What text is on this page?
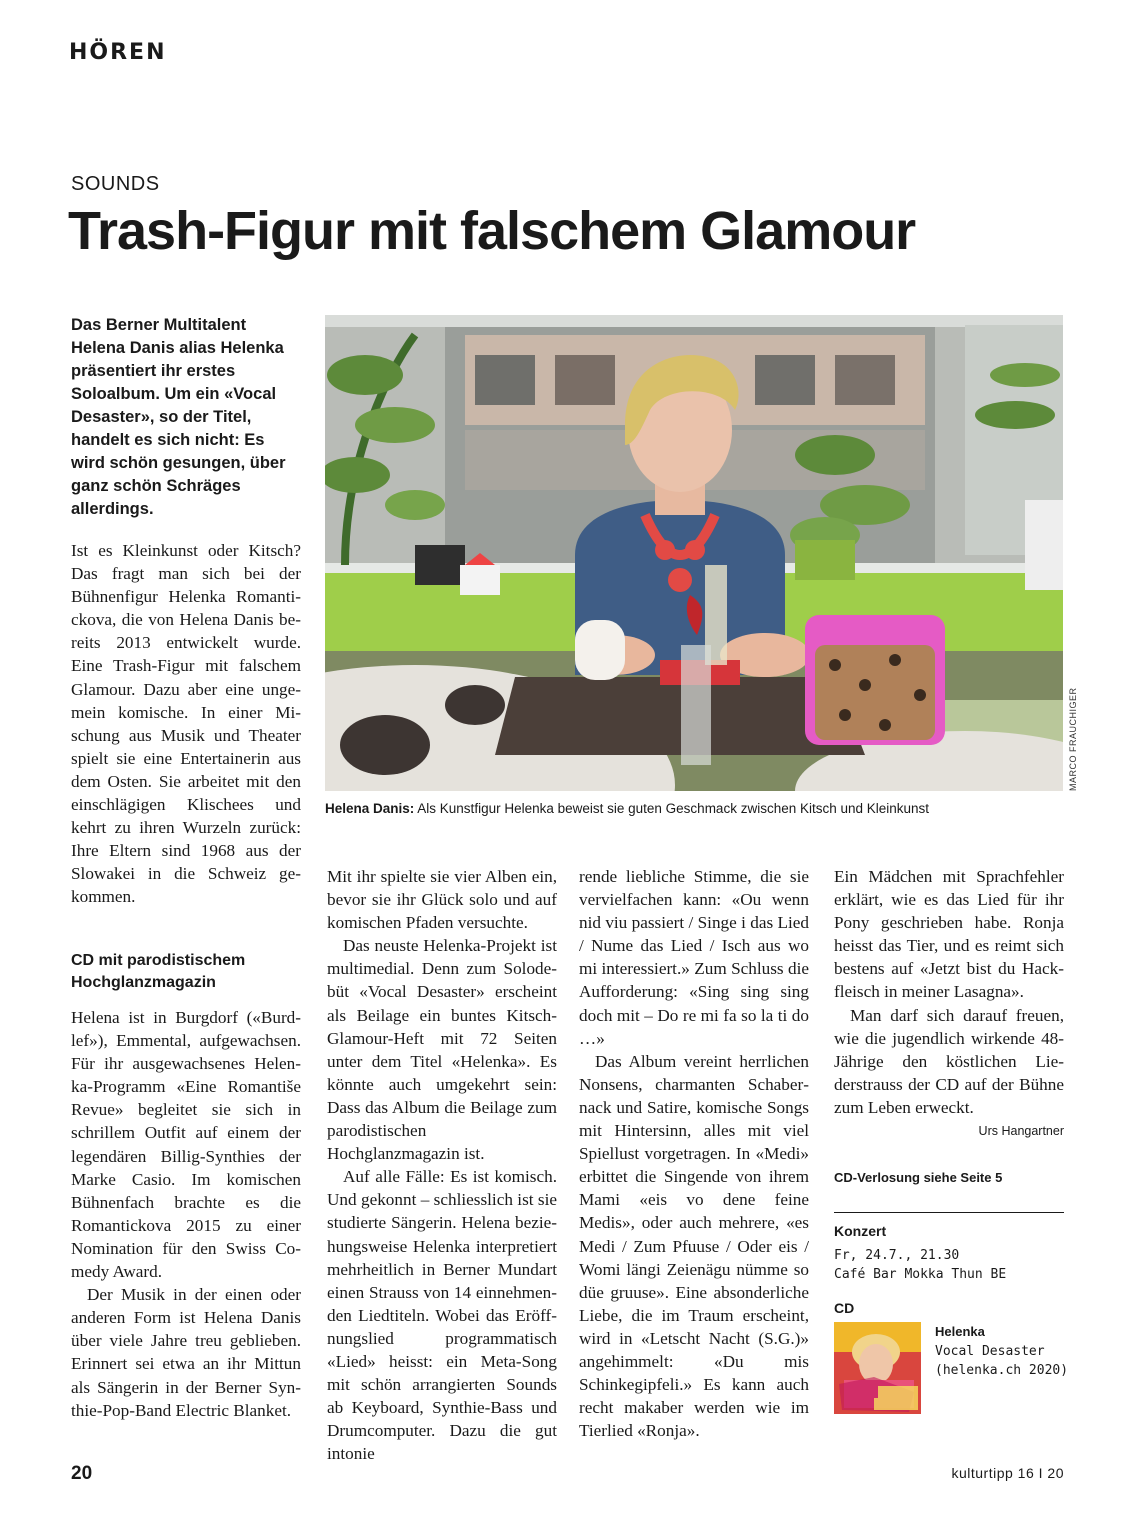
HÖREN
SOUNDS
Trash-Figur mit falschem Glamour
Das Berner Multitalent Helena Danis alias Helenka präsentiert ihr erstes Soloalbum. Um ein «Vocal Desaster», so der Titel, handelt es sich nicht: Es wird schön gesungen, über ganz schön Schräges allerdings.

Ist es Kleinkunst oder Kitsch? Das fragt man sich bei der Bühnenfigur Helenka Romantickova, die von Helena Danis bereits 2013 entwickelt wurde. Eine Trash-Figur mit falschem Glamour. Dazu aber eine ungemein komische. In einer Mischung aus Musik und Theater spielt sie eine Entertainerin aus dem Osten. Sie arbeitet mit den einschlägigen Klischees und kehrt zu ihren Wurzeln zurück: Ihre Eltern sind 1968 aus der Slowakei in die Schweiz gekommen.

CD mit parodistischem Hochglanzmagazin

Helena ist in Burgdorf («Burdlef»), Emmental, aufgewachsen. Für ihr ausgewachsenes Helenka-Programm «Eine Romantiše Revue» begleitet sie sich in schrillem Outfit auf einem der legendären Billig-Synthies der Marke Casio. Im komischen Bühnenfach brachte es die Romantickova 2015 zu einer Nomination für den Swiss Comedy Award.

Der Musik in der einen oder anderen Form ist Helena Danis über viele Jahre treu geblieben. Erinnert sei etwa an ihr Mittun als Sängerin in der Berner Synthie-Pop-Band Electric Blanket.

MARCO FRAUCHIGER
Helena Danis: Als Kunstfigur Helenka beweist sie guten Geschmack zwischen Kitsch und Kleinkunst

Mit ihr spielte sie vier Alben ein, bevor sie ihr Glück solo und auf komischen Pfaden versuchte.

Das neuste Helenka-Projekt ist multimedial. Denn zum Solodebüt «Vocal Desaster» erscheint als Beilage ein buntes Kitsch-Glamour-Heft mit 72 Seiten unter dem Titel «Helenka». Es könnte auch umgekehrt sein: Dass das Album die Beilage zum parodistischen Hochglanzmagazin ist.

Auf alle Fälle: Es ist komisch. Und gekonnt – schliesslich ist sie studierte Sängerin. Helena beziehungsweise Helenka interpretiert mehrheitlich in Berner Mundart einen Strauss von 14 einnehmenden Liedtiteln. Wobei das Eröffnungslied programmatisch «Lied» heisst: ein Meta-Song mit schön arrangierten Sounds ab Keyboard, Synthie-Bass und Drumcomputer. Dazu die gut intonie

rende liebliche Stimme, die sie vervielfachen kann: «Ou wenn nid viu passiert / Singe i das Lied / Nume das Lied / Isch aus wo mi interessiert.» Zum Schluss die Aufforderung: «Sing sing sing doch mit – Do re mi fa so la ti do …»

Das Album vereint herrlichen Nonsens, charmanten Schabernack und Satire, komische Songs mit Hintersinn, alles mit viel Spiellust vorgetragen. In «Medi» erbittet die Singende von ihrem Mami «eis vo dene feine Medis», oder auch mehrere, «es Medi / Zum Pfuuse / Oder eis / Womi längi Zeienägu nümme so düe gruuse». Eine absonderliche Liebe, die im Traum erscheint, wird in «Letscht Nacht (S.G.)» angehimmelt: «Du mis Schinkegipfeli.» Es kann auch recht makaber werden wie im Tierlied «Ronja».

Ein Mädchen mit Sprachfehler erklärt, wie es das Lied für ihr Pony geschrieben habe. Ronja heisst das Tier, und es reimt sich bestens auf «Jetzt bist du Hackfleisch in meiner Lasagna».

Man darf sich darauf freuen, wie die jugendlich wirkende 48-Jährige den köstlichen Liederstrauss der CD auf der Bühne zum Leben erweckt.

Urs Hangartner
CD-Verlosung siehe Seite 5
Konzert
Fr, 24.7., 21.30
Café Bar Mokka Thun BE
CD
Helenka
Vocal Desaster
(helenka.ch 2020)
20	kulturtipp 16 I 20
